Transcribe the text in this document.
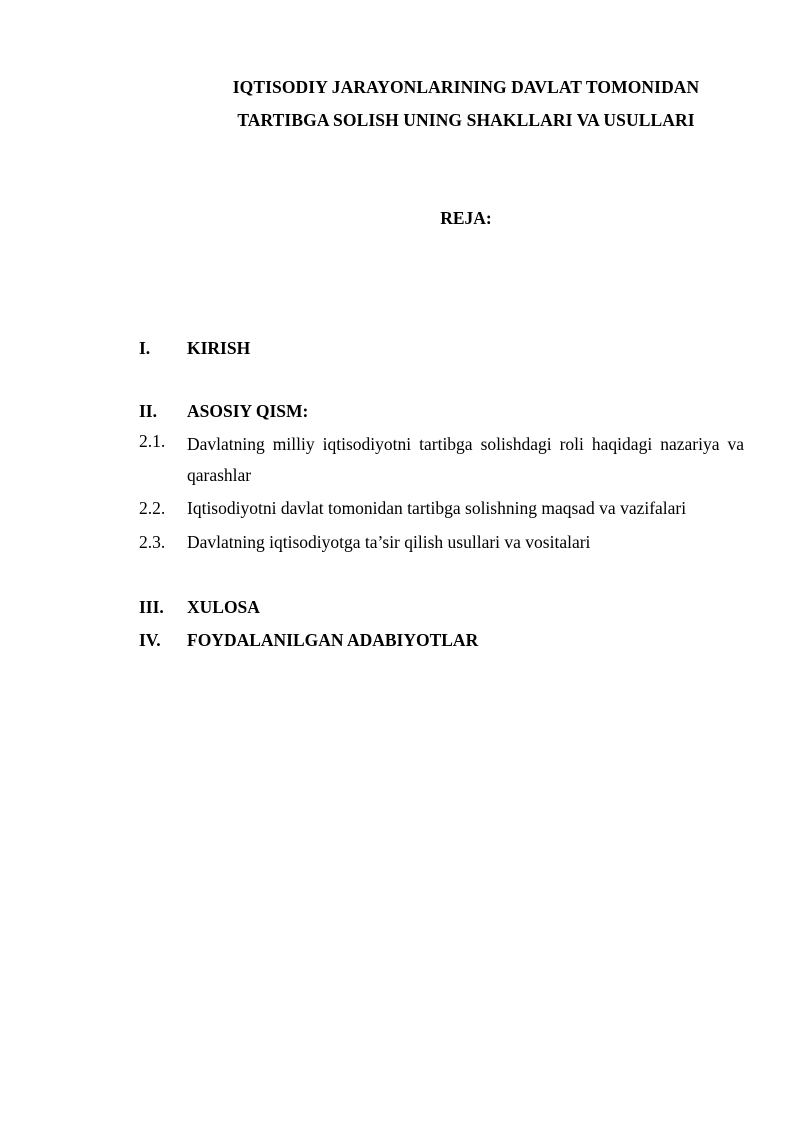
IQTISODIY JARAYONLARINING DAVLAT TOMONIDAN
TARTIBGA SOLISH UNING SHAKLLARI VA USULLARI
REJA:
I. KIRISH
II. ASOSIY QISM:
2.1. Davlatning milliy iqtisodiyotni tartibga solishdagi roli haqidagi nazariya va qarashlar
2.2. Iqtisodiyotni davlat tomonidan tartibga solishning maqsad va vazifalari
2.3. Davlatning iqtisodiyotga ta’sir qilish usullari va vositalari
III. XULOSA
IV. FOYDALANILGAN ADABIYOTLAR
